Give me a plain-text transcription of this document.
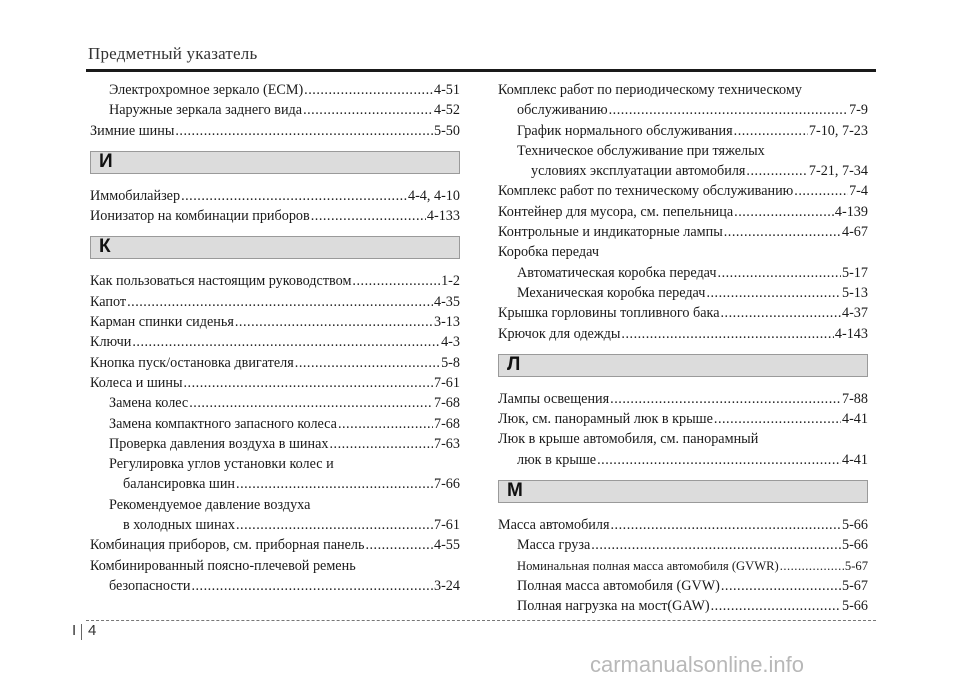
Предметный указатель
Электрохромное зеркало (ЕСМ) .....	4-51
Наружные зеркала заднего вида .....	4-52
Зимние шины .....	5-50
И
Иммобилайзер .....	4-4, 4-10
Ионизатор на комбинации приборов .....	4-133
К
Как пользоваться настоящим руководством .....	1-2
Капот .....	4-35
Карман спинки сиденья .....	3-13
Ключи .....	4-3
Кнопка пуск/остановка двигателя .....	5-8
Колеса и шины .....	7-61
Замена колес .....	7-68
Замена компактного запасного колеса .....	7-68
Проверка давления воздуха в шинах .....	7-63
Регулировка углов установки колес и
балансировка шин .....	7-66
Рекомендуемое давление воздуха
в холодных шинах .....	7-61
Комбинация приборов, см. приборная панель .....	4-55
Комбинированный поясно-плечевой ремень
безопасности .....	3-24
Комплекс работ по периодическому техническому
обслуживанию .....	7-9
График нормального обслуживания .....	7-10, 7-23
Техническое обслуживание при тяжелых
условиях эксплуатации автомобиля .....	7-21, 7-34
Комплекс работ по техническому обслуживанию .....	7-4
Контейнер для мусора, см. пепельница .....	4-139
Контрольные и индикаторные лампы .....	4-67
Коробка передач
Автоматическая коробка передач .....	5-17
Механическая коробка передач .....	5-13
Крышка горловины топливного бака .....	4-37
Крючок для одежды .....	4-143
Л
Лампы освещения .....	7-88
Люк, см. панорамный люк в крыше .....	4-41
Люк в крыше автомобиля, см. панорамный
люк в крыше .....	4-41
М
Масса автомобиля .....	5-66
Масса груза .....	5-66
Номинальная полная масса автомобиля (GVWR) .....	5-67
Полная масса автомобиля (GVW) .....	5-67
Полная нагрузка на мост(GAW) .....	5-66
I 4
carmanualsonline.info
